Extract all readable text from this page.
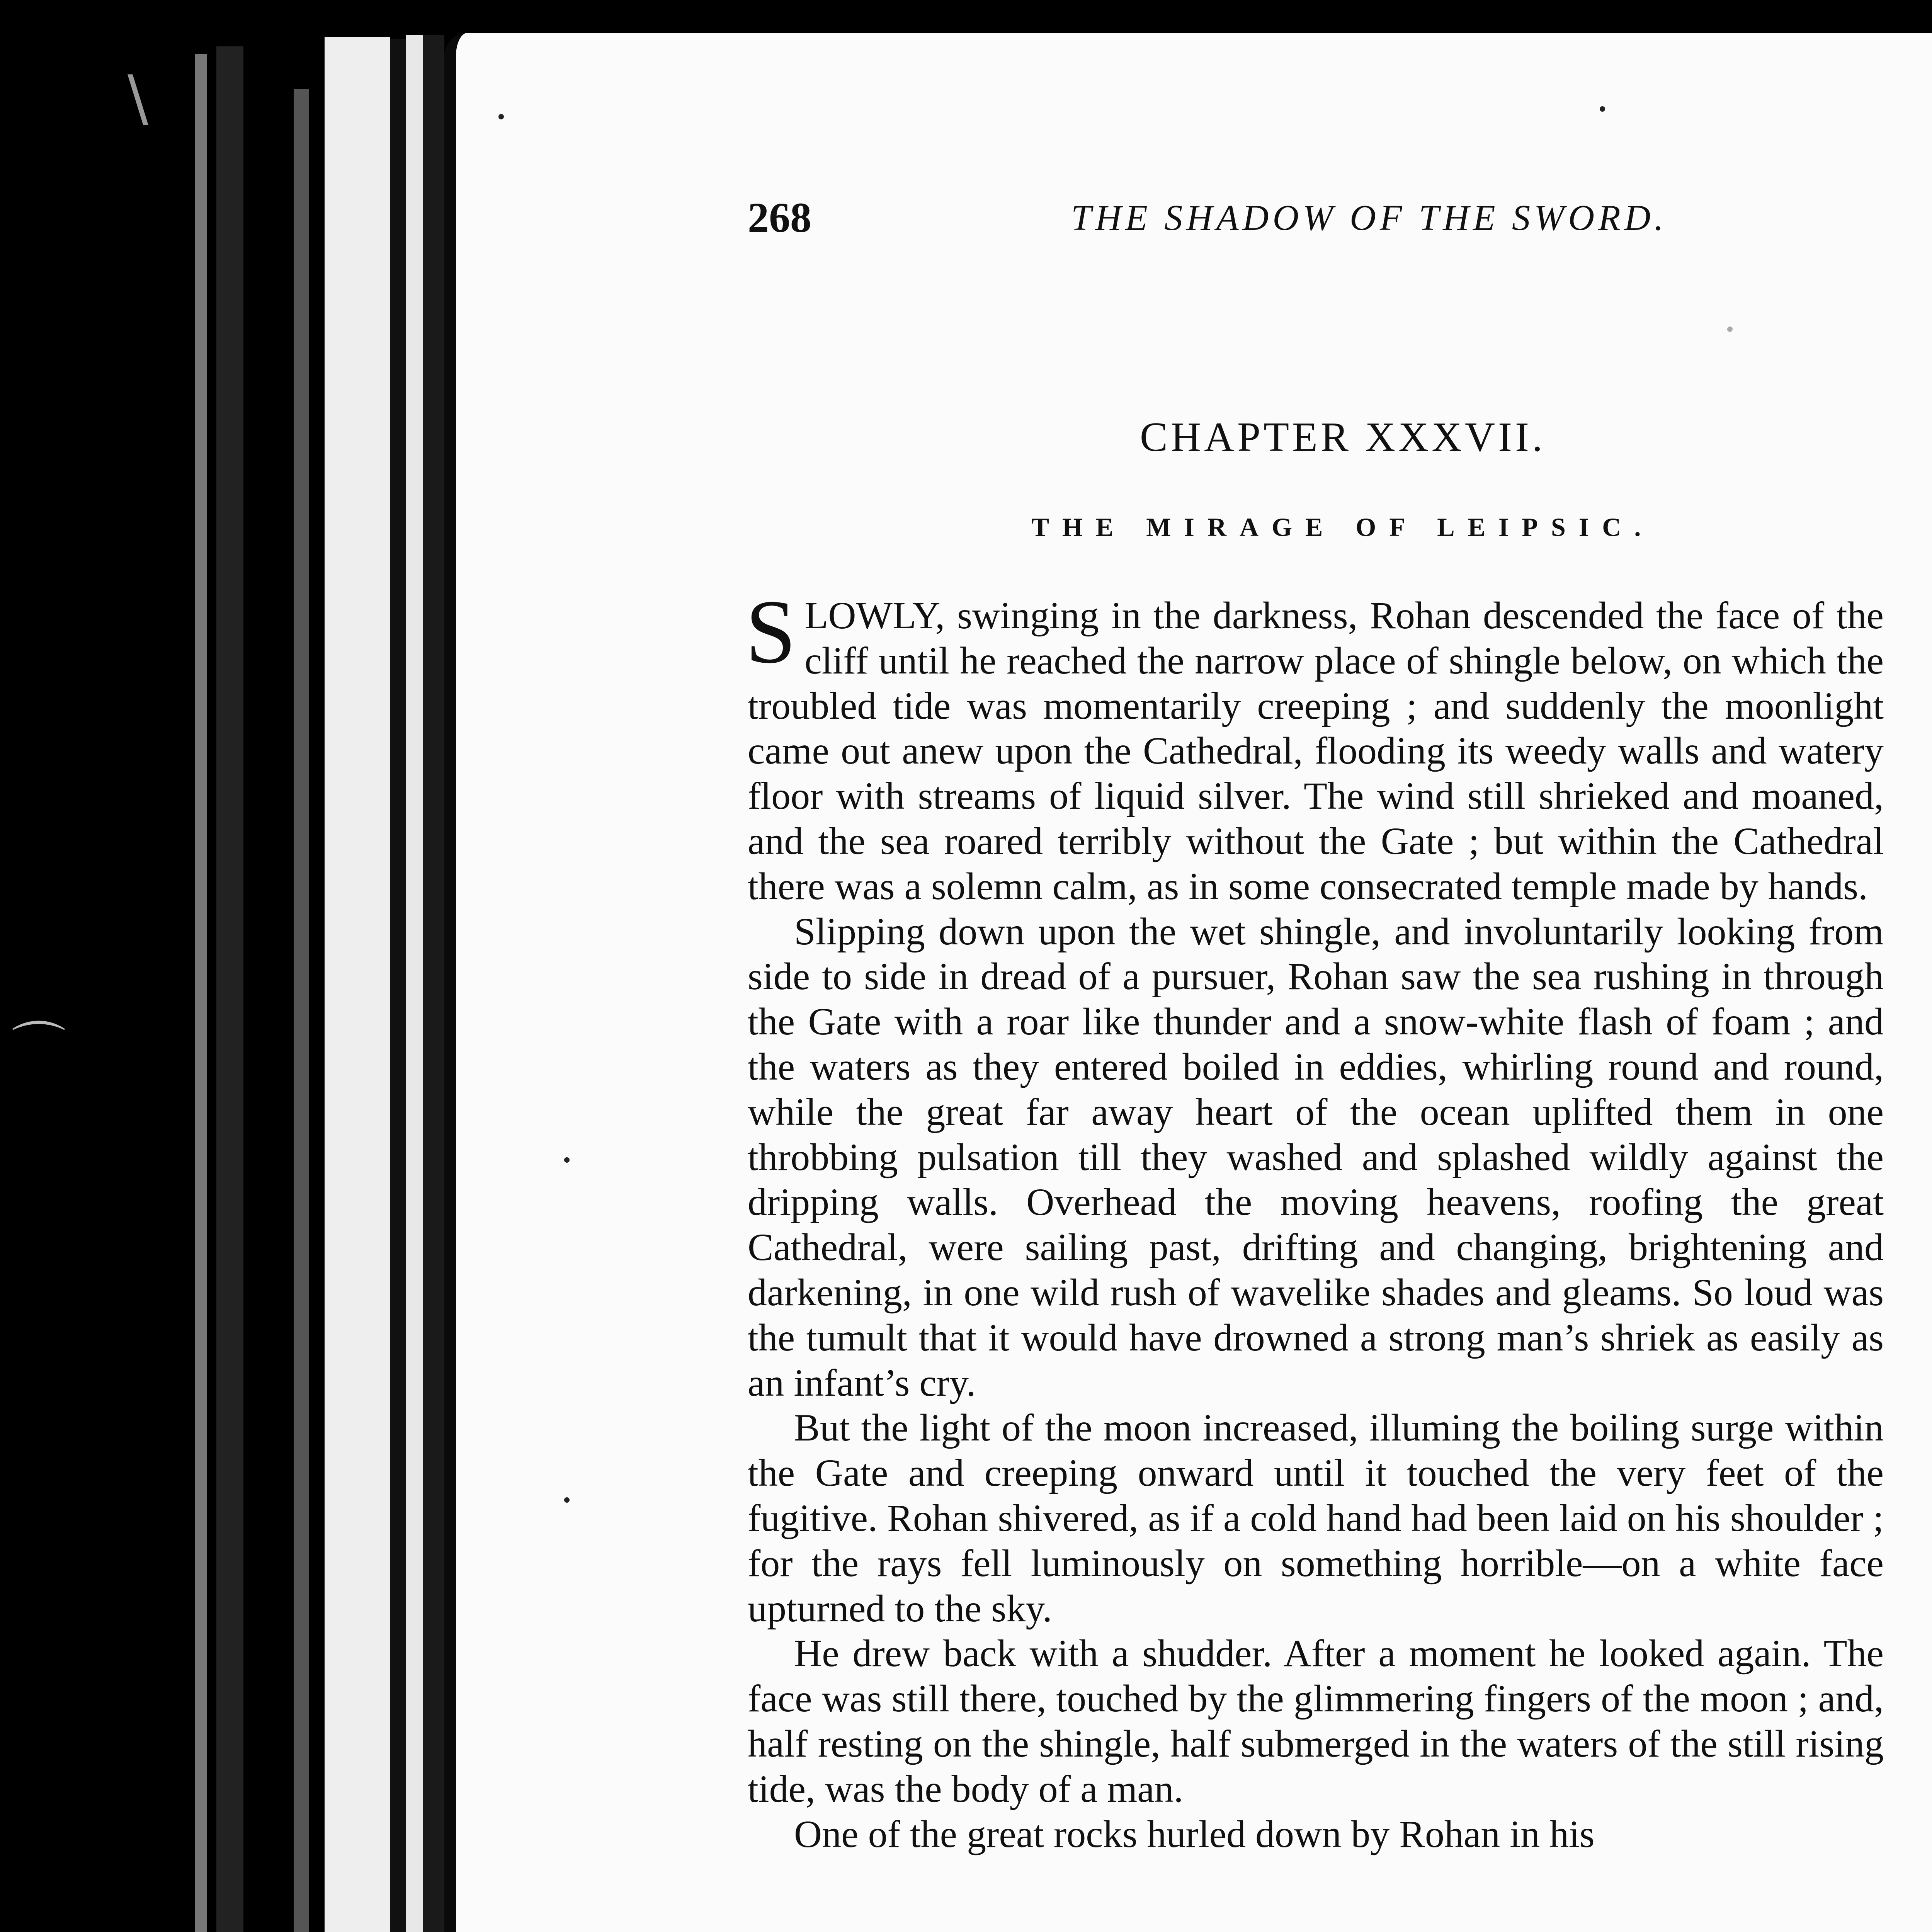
⌒
\
268	THE SHADOW OF THE SWORD.
CHAPTER XXXVII.
THE MIRAGE OF LEIPSIC.

SLOWLY, swinging in the darkness, Rohan descended the face of the cliff until he reached the narrow place of shingle below, on which the troubled tide was momentarily creeping ; and suddenly the moonlight came out anew upon the Cathedral, flooding its weedy walls and watery floor with streams of liquid silver. The wind still shrieked and moaned, and the sea roared terribly without the Gate ; but within the Cathedral there was a solemn calm, as in some consecrated temple made by hands.

Slipping down upon the wet shingle, and involuntarily looking from side to side in dread of a pursuer, Rohan saw the sea rushing in through the Gate with a roar like thunder and a snow-white flash of foam ; and the waters as they entered boiled in eddies, whirling round and round, while the great far away heart of the ocean uplifted them in one throbbing pulsation till they washed and splashed wildly against the dripping walls. Overhead the moving heavens, roofing the great Cathedral, were sailing past, drifting and changing, brightening and darkening, in one wild rush of wavelike shades and gleams. So loud was the tumult that it would have drowned a strong man’s shriek as easily as an infant’s cry.

But the light of the moon increased, illuming the boiling surge within the Gate and creeping onward until it touched the very feet of the fugitive. Rohan shivered, as if a cold hand had been laid on his shoulder ; for the rays fell luminously on something horrible—on a white face upturned to the sky.

He drew back with a shudder. After a moment he looked again. The face was still there, touched by the glimmering fingers of the moon ; and, half resting on the shingle, half submerged in the waters of the still rising tide, was the body of a man.

One of the great rocks hurled down by Rohan in his
